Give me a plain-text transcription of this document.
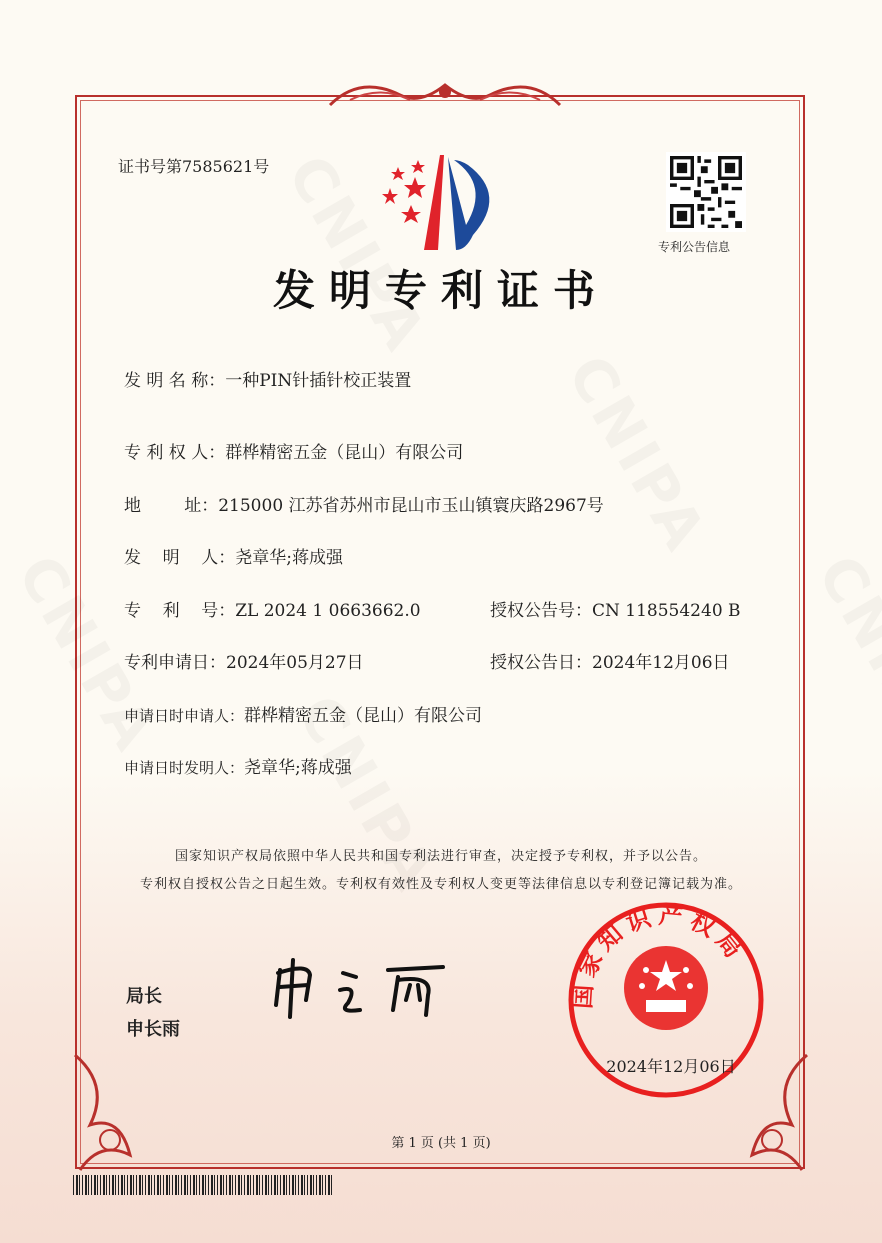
证书号第7585621号
专利公告信息
发明专利证书
发 明 名 称：一种PIN针插针校正装置
专 利 权 人：群桦精密五金（昆山）有限公司
地        址：215000 江苏省苏州市昆山市玉山镇寰庆路2967号
发    明    人：尧章华;蒋成强
专    利    号：ZL 2024 1 0663662.0	授权公告号：CN 118554240 B
专利申请日：2024年05月27日	授权公告日：2024年12月06日
申请日时申请人：群桦精密五金（昆山）有限公司
申请日时发明人：尧章华;蒋成强
国家知识产权局依照中华人民共和国专利法进行审查，决定授予专利权，并予以公告。
专利权自授权公告之日起生效。专利权有效性及专利权人变更等法律信息以专利登记簿记载为准。
局长
申长雨
国家知识产权局
2024年12月06日
第 1 页 (共 1 页)
